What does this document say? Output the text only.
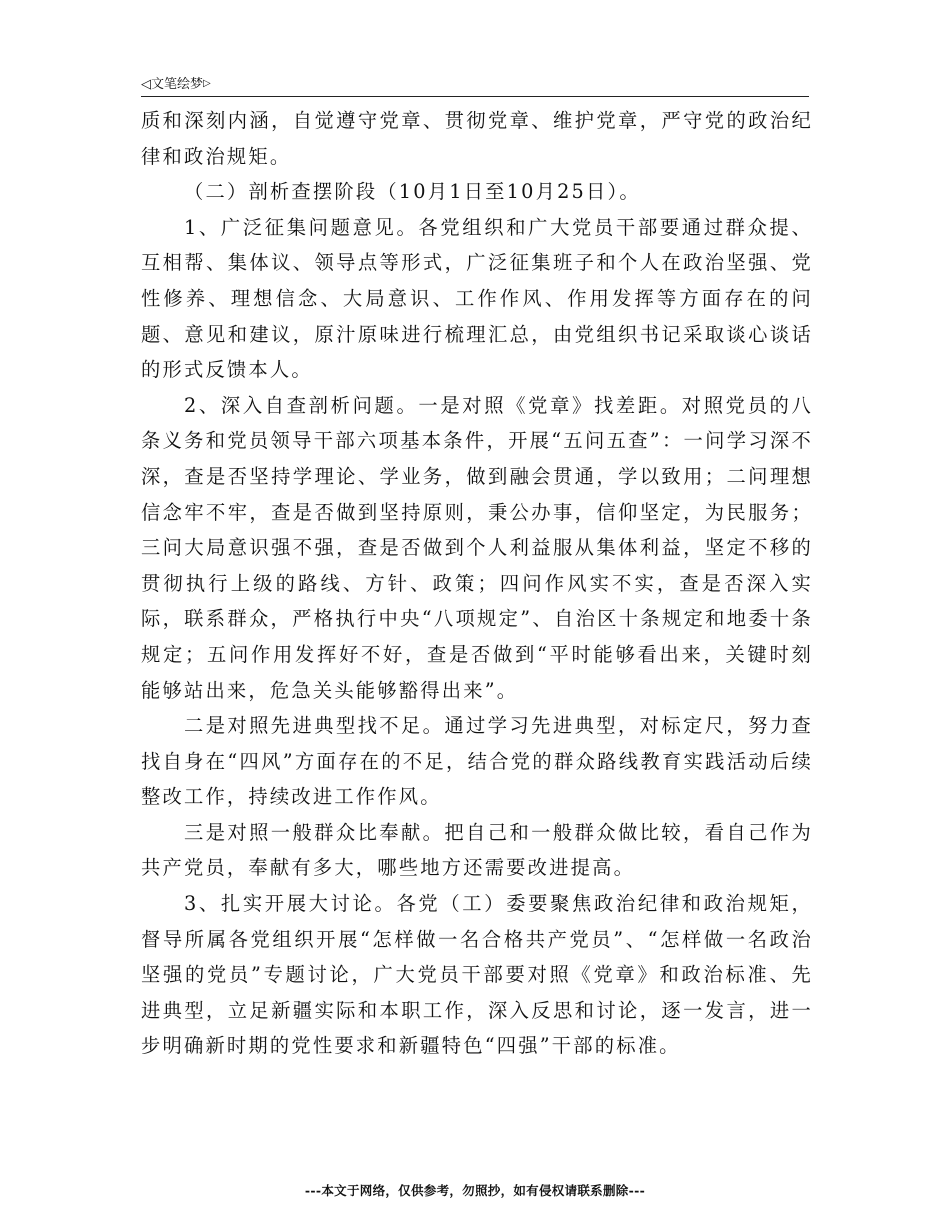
◁文笔绘梦▷

质和深刻内涵，自觉遵守党章、贯彻党章、维护党章，严守党的政治纪律和政治规矩。

（二）剖析查摆阶段（10月1日至10月25日）。

1、广泛征集问题意见。各党组织和广大党员干部要通过群众提、互相帮、集体议、领导点等形式，广泛征集班子和个人在政治坚强、党性修养、理想信念、大局意识、工作作风、作用发挥等方面存在的问题、意见和建议，原汁原味进行梳理汇总，由党组织书记采取谈心谈话的形式反馈本人。

2、深入自查剖析问题。一是对照《党章》找差距。对照党员的八条义务和党员领导干部六项基本条件，开展“五问五查”：一问学习深不深，查是否坚持学理论、学业务，做到融会贯通，学以致用；二问理想信念牢不牢，查是否做到坚持原则，秉公办事，信仰坚定，为民服务；三问大局意识强不强，查是否做到个人利益服从集体利益，坚定不移的贯彻执行上级的路线、方针、政策；四问作风实不实，查是否深入实际，联系群众，严格执行中央“八项规定”、自治区十条规定和地委十条规定；五问作用发挥好不好，查是否做到“平时能够看出来，关键时刻能够站出来，危急关头能够豁得出来”。

二是对照先进典型找不足。通过学习先进典型，对标定尺，努力查找自身在“四风”方面存在的不足，结合党的群众路线教育实践活动后续整改工作，持续改进工作作风。

三是对照一般群众比奉献。把自己和一般群众做比较，看自己作为共产党员，奉献有多大，哪些地方还需要改进提高。

3、扎实开展大讨论。各党（工）委要聚焦政治纪律和政治规矩，督导所属各党组织开展“怎样做一名合格共产党员”、“怎样做一名政治坚强的党员”专题讨论，广大党员干部要对照《党章》和政治标准、先进典型，立足新疆实际和本职工作，深入反思和讨论，逐一发言，进一步明确新时期的党性要求和新疆特色“四强”干部的标准。

---本文于网络，仅供参考，勿照抄，如有侵权请联系删除---
